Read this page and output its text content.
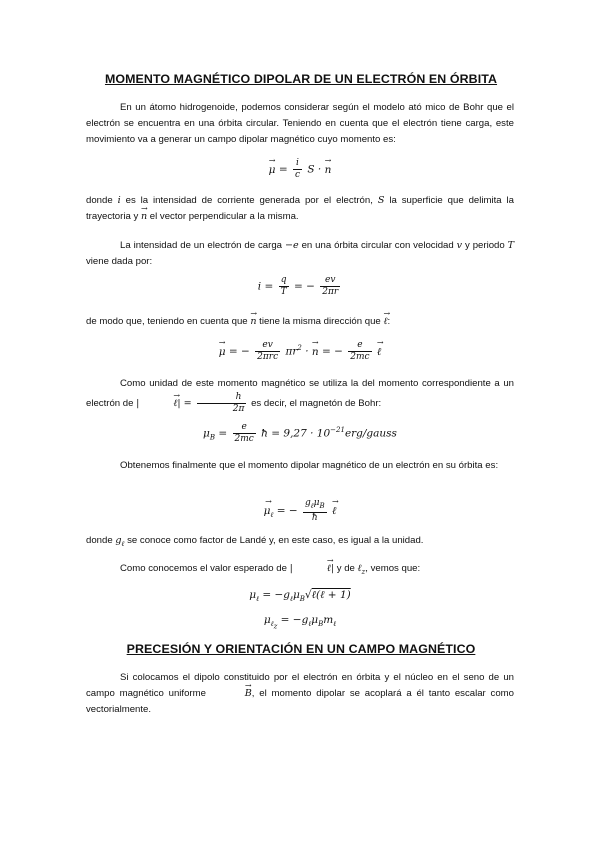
MOMENTO MAGNÉTICO DIPOLAR DE UN ELECTRÓN EN ÓRBITA
En un átomo hidrogenoide, podemos considerar según el modelo ató mico de Bohr que el electrón se encuentra en una órbita circular. Teniendo en cuenta que el electrón tiene carga, este movimiento va a generar un campo dipolar magnético cuyo momento es:
→ $\mu = \frac{i}{c}$ S · → n
donde i es la intensidad de corriente generada por el electrón, S la superficie que delimita la trayectoria y → n el vector perpendicular a la misma.
La intensidad de un electrón de carga −e en una órbita circular con velocidad v y periodo T viene dada por:
$i = \frac{q}{T}$ = − $\frac{ev}{2\pi r}$
de modo que, teniendo en cuenta que → n tiene la misma dirección que → ℓ:
→ μ = − $\frac{ev}{\text{2πrc}} \pi r^2$ · → n = − $\frac{e}{2mc}$ → ℓ
Como unidad de este momento magnético se utiliza la del momento correspondiente a un electrón de |	→ ℓ| = $\frac{h}{2\pi}$ es decir, el magnetón de Bohr:
$\mu_B = \frac{e}{2mc}$ ħ = $9,27 \cdot 10^{-21}erg$/gauss
Obtenemos finalmente que el momento dipolar magnético de un electrón en su órbita es:
→ $\mu_\ell$ = − $\frac{g_\ell\mu_B}{ħ}$ → ℓ
donde $g_\ell$ se conoce como factor de Landé y, en este caso, es igual a la unidad.
Como conocemos el valor esperado de |	→ ℓ| y de ℓ$_z$, vemos que:
$\mu_\ell$ = $-g_\ell\mu_B√\ell(\ell + 1)$
$\mu_{\ell_z} = -g_\ell\mu_Bm_\ell$
PRECESIÓN Y ORIENTACIÓN EN UN CAMPO MAGNÉTICO
Si colocamos el dipolo constituido por el electrón en órbita y el núcleo en el seno de un campo magnético uniforme	→ B, el momento dipolar se acoplará a él tanto escalar como vectorialmente.
